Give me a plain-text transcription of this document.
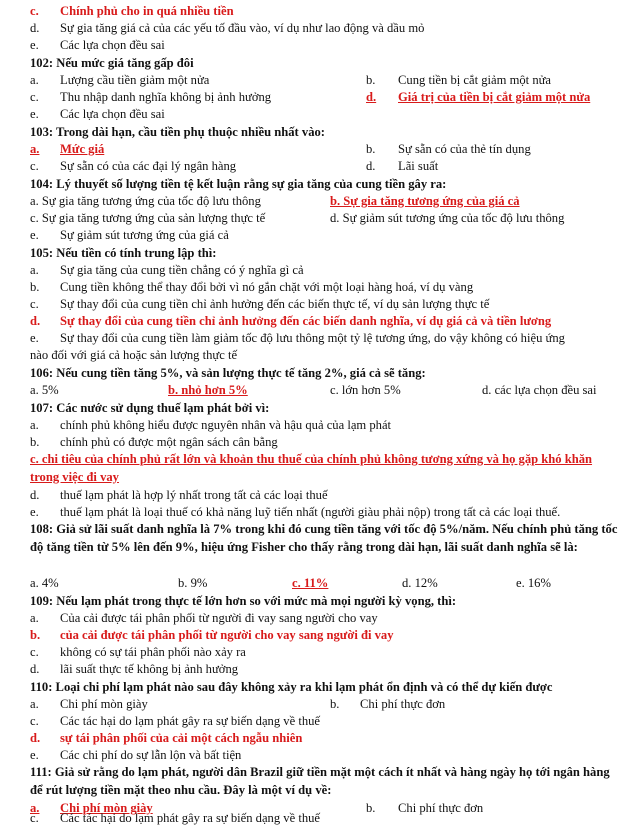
c. Chính phủ cho in quá nhiều tiền
d. Sự gia tăng giá cả của các yếu tố đầu vào, ví dụ như lao động và dầu mỏ
e. Các lựa chọn đều sai
102: Nếu mức giá tăng gấp đôi
a. Lượng cầu tiền giảm một nửa	b. Cung tiền bị cắt giảm một nửa
c. Thu nhập danh nghĩa không bị ảnh hưởng	d. Giá trị của tiền bị cắt giảm một nửa
e. Các lựa chọn đều sai
103: Trong dài hạn, cầu tiền phụ thuộc nhiều nhất vào:
a. Mức giá	b. Sự sẵn có của thẻ tín dụng
c. Sự sẵn có của các đại lý ngân hàng	d. Lãi suất
104: Lý thuyết số lượng tiền tệ kết luận rằng sự gia tăng của cung tiền gây ra:
a. Sự gia tăng tương ứng của tốc độ lưu thông	b. Sự gia tăng tương ứng của giá cả
c. Sự gia tăng tương ứng của sản lượng thực tế	d. Sự giảm sút tương ứng của tốc độ lưu thông
e. Sự giảm sút tương ứng của giá cả
105: Nếu tiền có tính trung lập thì:
a. Sự gia tăng của cung tiền chẳng có ý nghĩa gì cả
b. Cung tiền không thể thay đổi bởi vì nó gắn chặt với một loại hàng hoá, ví dụ vàng
c. Sự thay đổi của cung tiền chỉ ảnh hưởng đến các biến thực tế, ví dụ sản lượng thực tế
d. Sự thay đổi của cung tiền chỉ ảnh hưởng đến các biến danh nghĩa, ví dụ giá cả và tiền lương
e. Sự thay đổi của cung tiền làm giảm tốc độ lưu thông một tỷ lệ tương ứng, do vậy không có hiệu ứng
nào đối với giá cả hoặc sản lượng thực tế
106: Nếu cung tiền tăng 5%, và sản lượng thực tế tăng 2%, giá cả sẽ tăng:
a. 5%	b. nhỏ hơn 5%	c. lớn hơn 5%	d. các lựa chọn đều sai
107: Các nước sử dụng thuế lạm phát bởi vì:
a. chính phủ không hiểu được nguyên nhân và hậu quả của lạm phát
b. chính phủ có được một ngân sách cân bằng
c. chi tiêu của chính phủ rất lớn và khoản thu thuế của chính phủ không tương xứng và họ gặp khó khăn trong việc đi vay
d. thuế lạm phát là hợp lý nhất trong tất cả các loại thuế
e. thuế lạm phát là loại thuế có khả năng luỹ tiến nhất (người giàu phải nộp) trong tất cả các loại thuế.
108: Giả sử lãi suất danh nghĩa là 7% trong khi đó cung tiền tăng với tốc độ 5%/năm. Nếu chính phủ tăng tốc độ tăng tiền từ 5% lên đến 9%, hiệu ứng Fisher cho thấy rằng trong dài hạn, lãi suất danh nghĩa sẽ là:
a. 4%	b. 9%	c. 11%	d. 12%	e. 16%
109: Nếu lạm phát trong thực tế lớn hơn so với mức mà mọi người kỳ vọng, thì:
a. Của cải được tái phân phối từ người đi vay sang người cho vay
b. của cải được tái phân phối từ người cho vay sang người đi vay
c. không có sự tái phân phối nào xảy ra
d. lãi suất thực tế không bị ảnh hưởng
110: Loại chi phí lạm phát nào sau đây không xảy ra khi lạm phát ổn định và có thể dự kiến được
a. Chi phí mòn giày	b. Chi phí thực đơn
c. Các tác hại do lạm phát gây ra sự biến dạng về thuế
d. sự tái phân phối của cải một cách ngẫu nhiên
e. Các chi phí do sự lẫn lộn và bất tiện
111: Giả sử rằng do lạm phát, người dân Brazil giữ tiền mặt một cách ít nhất và hàng ngày họ tới ngân hàng để rút lượng tiền mặt theo nhu cầu. Đây là một ví dụ về:
a. Chi phí mòn giày	b. Chi phí thực đơn
c. Các tác hại do lạm phát gây ra sự biến dạng về thuế
